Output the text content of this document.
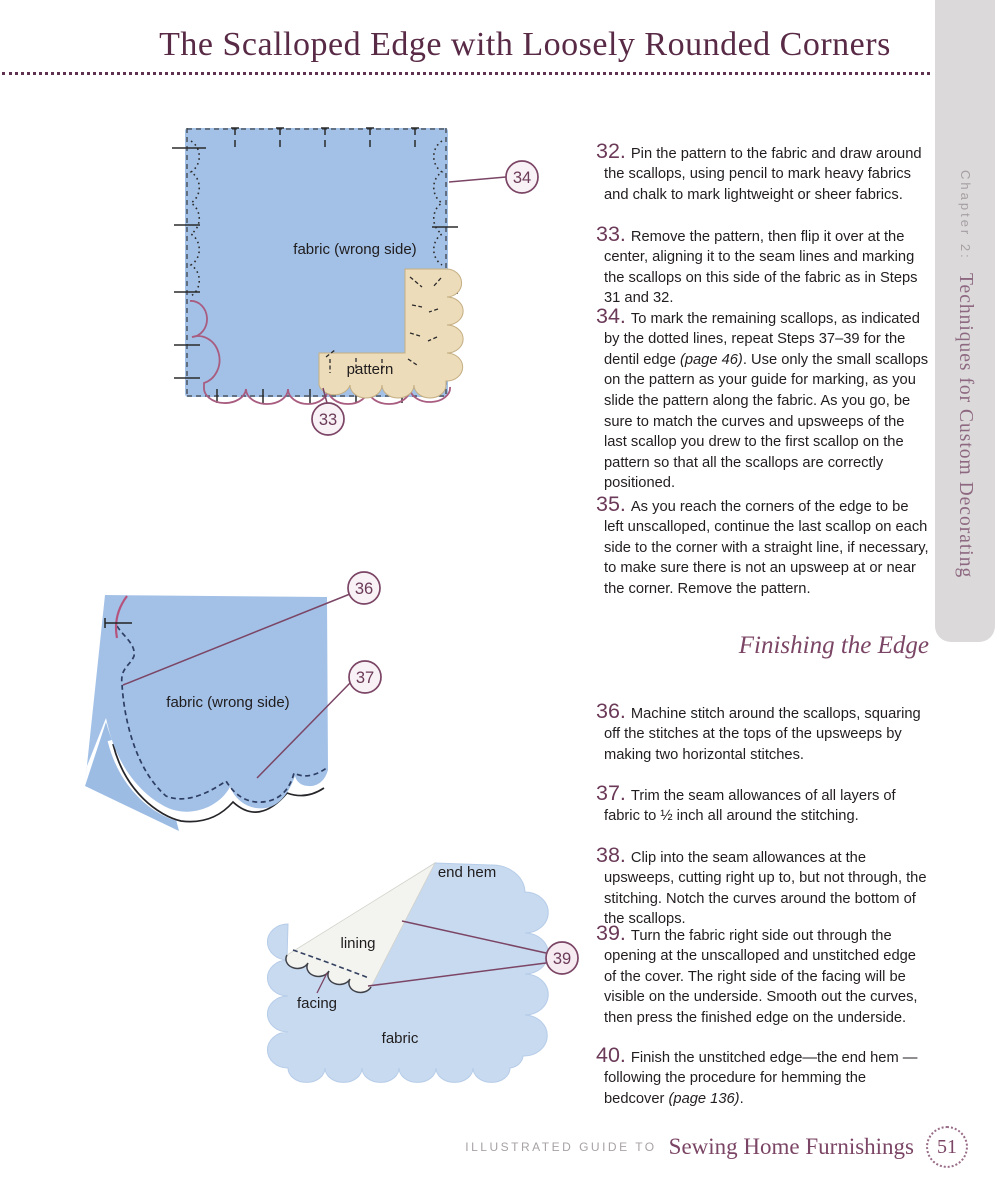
The Scalloped Edge with Loosely Rounded Corners
Chapter 2: Techniques for Custom Decorating
fabric (wrong side)
pattern
34
33
fabric (wrong side)
36
37
end hem
lining
facing
fabric
39

32. Pin the pattern to the fabric and draw around the scallops, using pencil to mark heavy fabrics and chalk to mark lightweight or sheer fabrics.

33. Remove the pattern, then flip it over at the center, aligning it to the seam lines and marking the scallops on this side of the fabric as in Steps 31 and 32.

34. To mark the remaining scallops, as indicated by the dotted lines, repeat Steps 37–39 for the dentil edge (page 46). Use only the small scallops on the pattern as your guide for marking, as you slide the pattern along the fabric. As you go, be sure to match the curves and upsweeps of the last scallop you drew to the first scallop on the pattern so that all the scallops are correctly positioned.

35. As you reach the corners of the edge to be left unscalloped, continue the last scallop on each side to the corner with a straight line, if necessary, to make sure there is not an upsweep at or near the corner. Remove the pattern.

Finishing the Edge

36. Machine stitch around the scallops, squaring off the stitches at the tops of the upsweeps by making two horizontal stitches.

37. Trim the seam allowances of all layers of fabric to ½ inch all around the stitching.

38. Clip into the seam allowances at the upsweeps, cutting right up to, but not through, the stitching. Notch the curves around the bottom of the scallops.

39. Turn the fabric right side out through the opening at the unscalloped and unstitched edge of the cover. The right side of the facing will be visible on the underside. Smooth out the curves, then press the finished edge on the underside.

40. Finish the unstitched edge—the end hem —following the procedure for hemming the bedcover (page 136).

ILLUSTRATED GUIDE TO Sewing Home Furnishings	51
